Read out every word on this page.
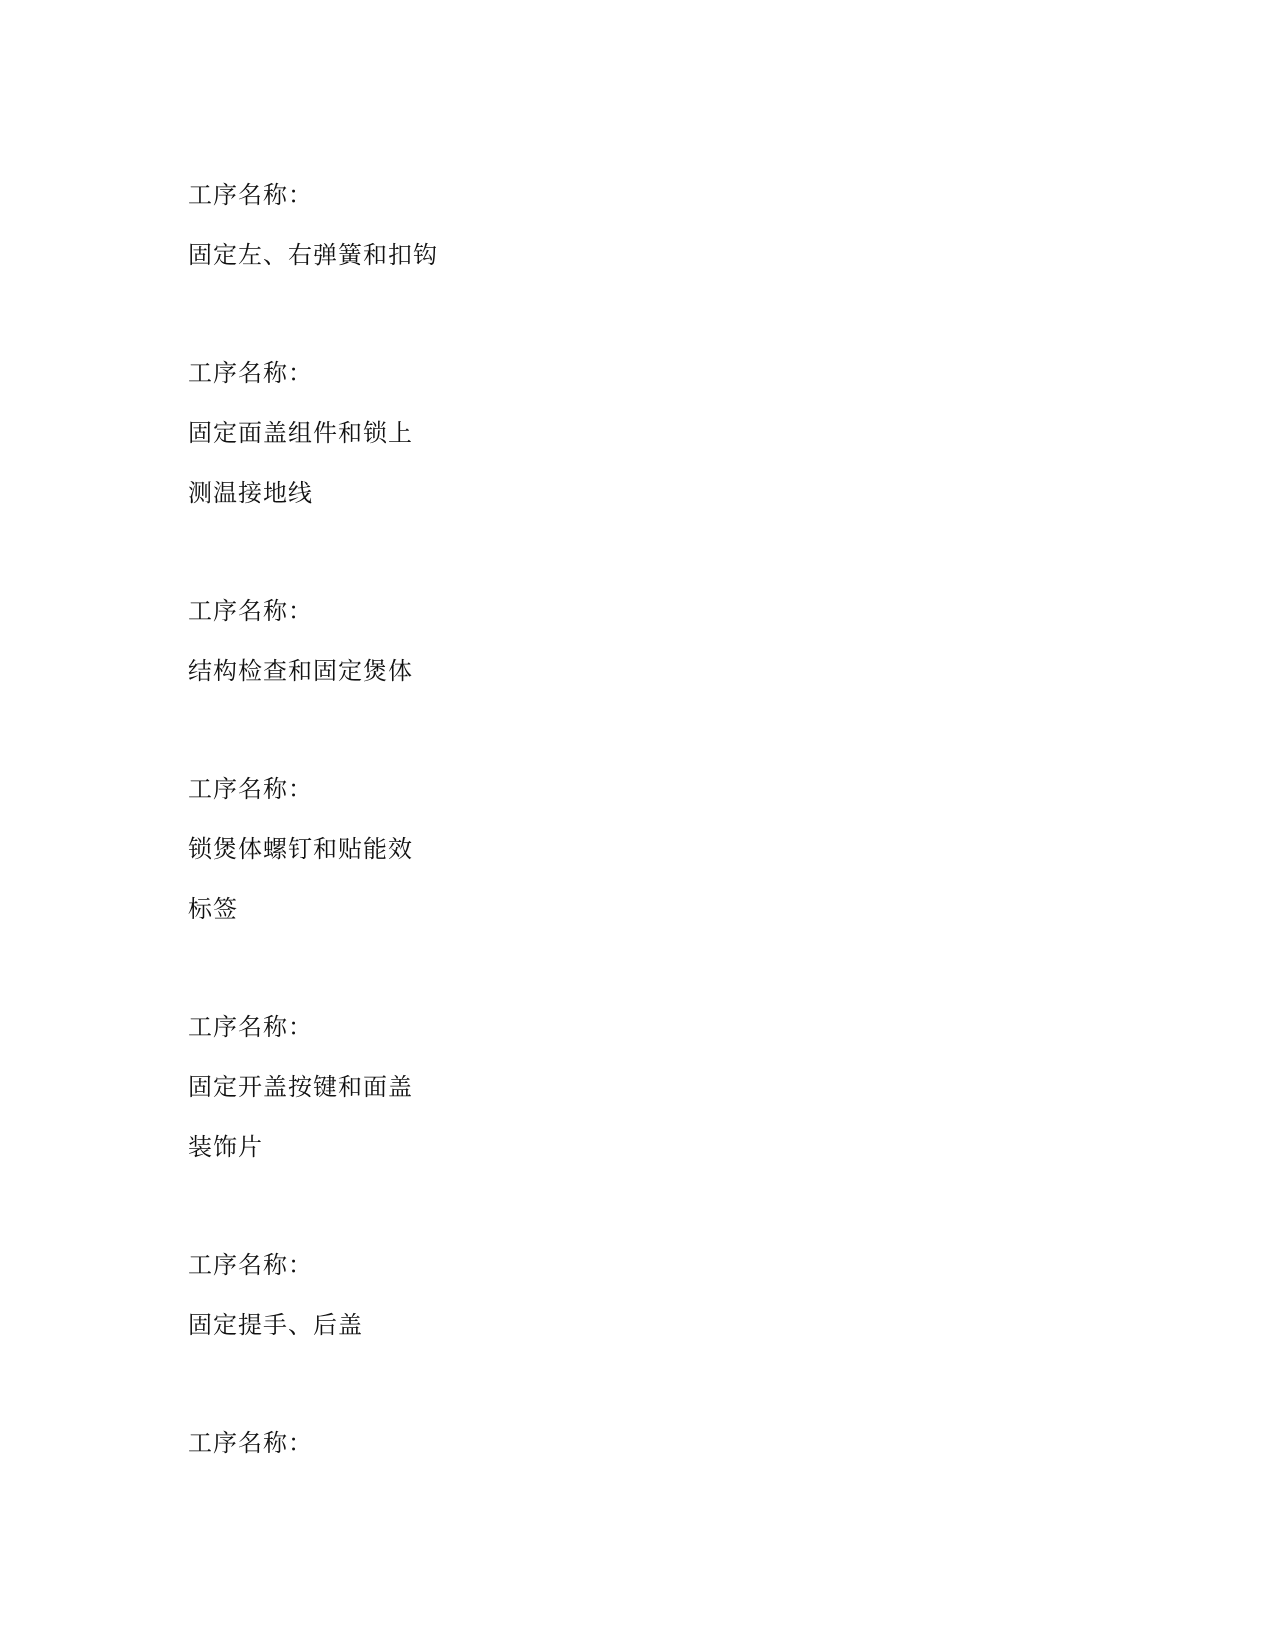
工序名称：
固定左、右弹簧和扣钩
工序名称：
固定面盖组件和锁上
测温接地线
工序名称：
结构检查和固定煲体
工序名称：
锁煲体螺钉和贴能效
标签
工序名称：
固定开盖按键和面盖
装饰片
工序名称：
固定提手、后盖
工序名称：
